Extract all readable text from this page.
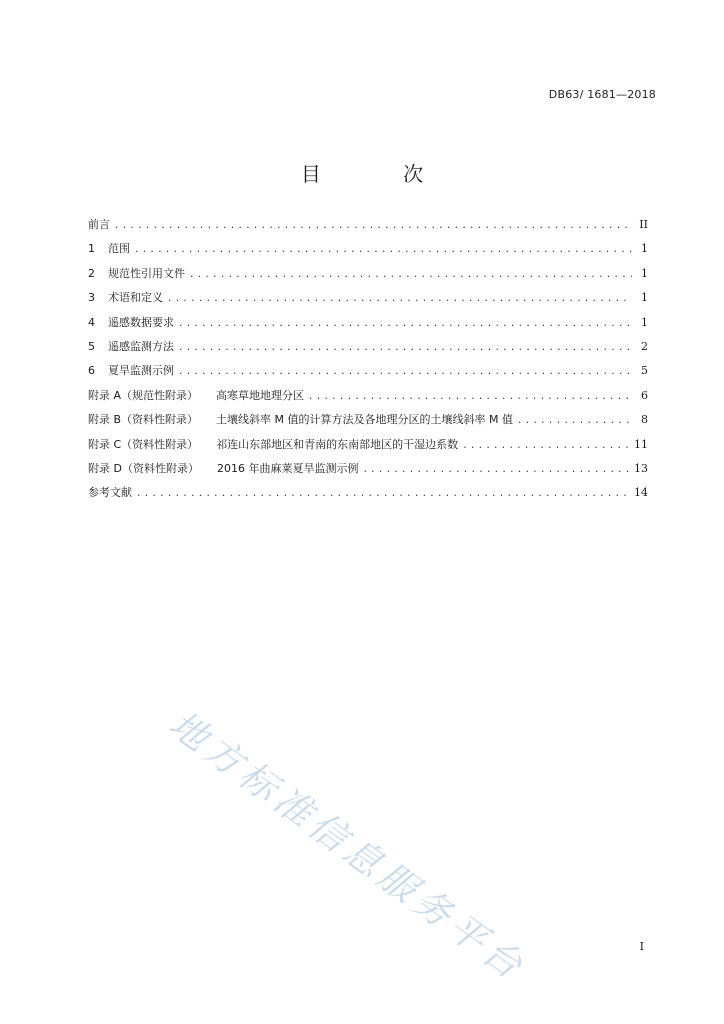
DB63/ 1681—2018
目 次
前言 .....	II
1 范围 .....	1
2 规范性引用文件 .....	1
3 术语和定义 .....	1
4 遥感数据要求 .....	1
5 遥感监测方法 .....	2
6 夏旱监测示例 .....	5
附录 A（规范性附录） 高寒草地地理分区 .....	6
附录 B（资料性附录） 土壤线斜率 M 值的计算方法及各地理分区的土壤线斜率 M 值 .....	8
附录 C（资料性附录） 祁连山东部地区和青南的东南部地区的干湿边系数 .....	11
附录 D（资料性附录） 2016 年曲麻莱夏旱监测示例 .....	13
参考文献 .....	14
地方标准信息服务平台	I
